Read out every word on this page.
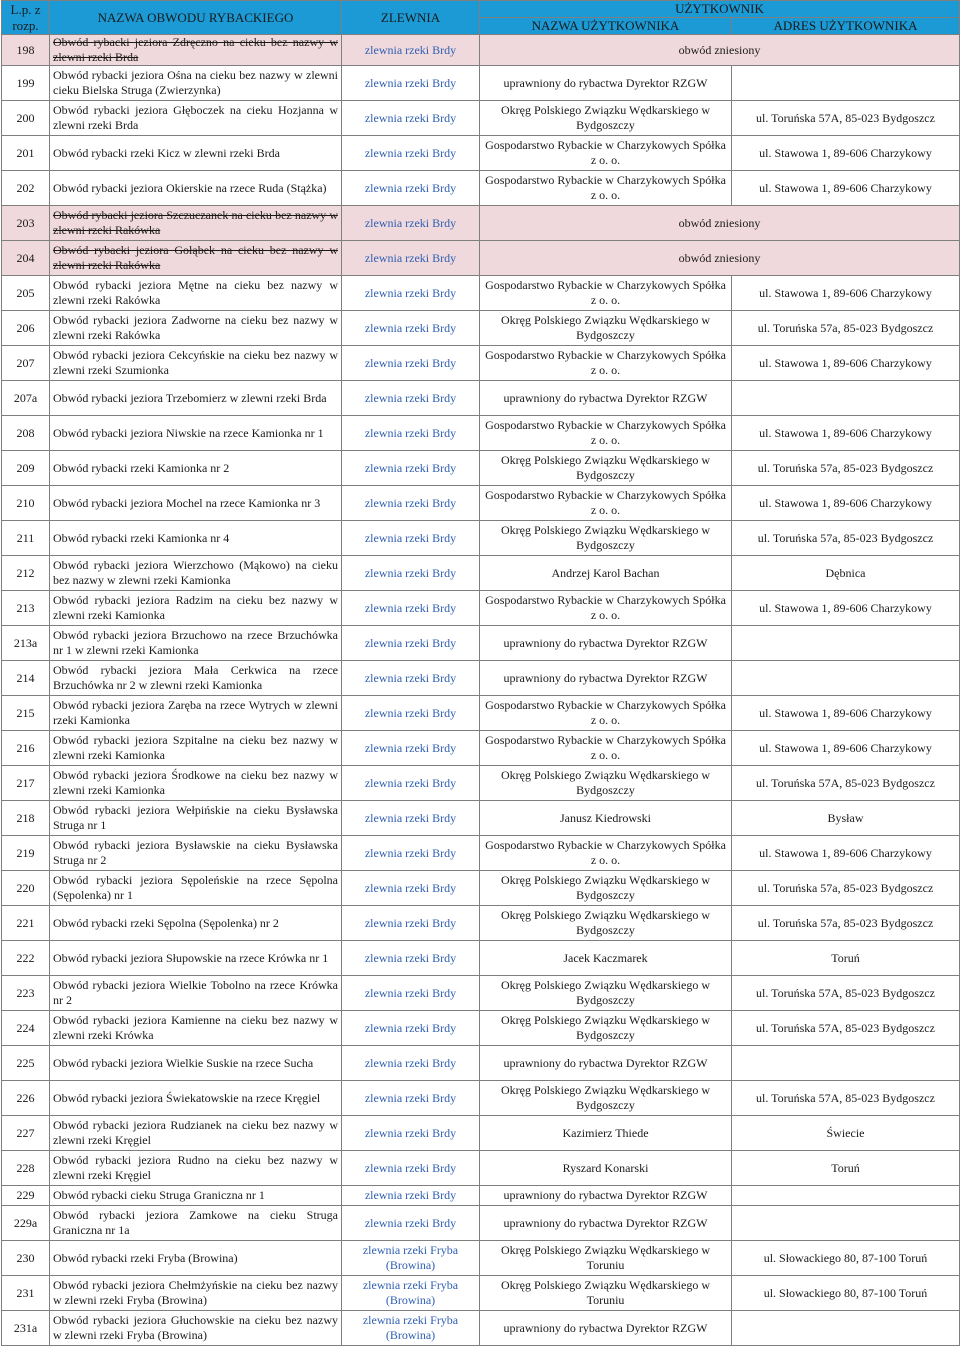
L.p. z rozp.	NAZWA OBWODU RYBACKIEGO	ZLEWNIA	UŻYTKOWNIK	
			NAZWA UŻYTKOWNIKA	ADRES UŻYTKOWNIKA
198	Obwód rybacki jeziora Zdręczno na cieku bez nazwy w zlewni rzeki Brda	zlewnia rzeki Brdy	obwód zniesiony	
199	Obwód rybacki jeziora Ośna na cieku bez nazwy w zlewni cieku Bielska Struga (Zwierzynka)	zlewnia rzeki Brdy	uprawniony do rybactwa Dyrektor RZGW	
200	Obwód rybacki jeziora Głęboczek na cieku Hozjanna w zlewni rzeki Brda	zlewnia rzeki Brdy	Okręg Polskiego Związku Wędkarskiego w Bydgoszczy	ul. Toruńska 57A, 85-023 Bydgoszcz
201	Obwód rybacki rzeki Kicz w zlewni rzeki Brda	zlewnia rzeki Brdy	Gospodarstwo Rybackie w Charzykowych Spółka z o. o.	ul. Stawowa 1, 89-606 Charzykowy
202	Obwód rybacki jeziora Okierskie na rzece Ruda (Stążka)	zlewnia rzeki Brdy	Gospodarstwo Rybackie w Charzykowych Spółka z o. o.	ul. Stawowa 1, 89-606 Charzykowy
203	Obwód rybacki jeziora Szczuczanek na cieku bez nazwy w zlewni rzeki Rakówka	zlewnia rzeki Brdy	obwód zniesiony	
204	Obwód rybacki jeziora Gołąbek na cieku bez nazwy w zlewni rzeki Rakówka	zlewnia rzeki Brdy	obwód zniesiony	
205	Obwód rybacki jeziora Mętne na cieku bez nazwy w zlewni rzeki Rakówka	zlewnia rzeki Brdy	Gospodarstwo Rybackie w Charzykowych Spółka z o. o.	ul. Stawowa 1, 89-606 Charzykowy
206	Obwód rybacki jeziora Zadworne na cieku bez nazwy w zlewni rzeki Rakówka	zlewnia rzeki Brdy	Okręg Polskiego Związku Wędkarskiego w Bydgoszczy	ul. Toruńska 57a, 85-023 Bydgoszcz
207	Obwód rybacki jeziora Cekcyńskie na cieku bez nazwy w zlewni rzeki Szumionka	zlewnia rzeki Brdy	Gospodarstwo Rybackie w Charzykowych Spółka z o. o.	ul. Stawowa 1, 89-606 Charzykowy
207a	Obwód rybacki jeziora Trzebomierz w zlewni rzeki Brda	zlewnia rzeki Brdy	uprawniony do rybactwa Dyrektor RZGW	
208	Obwód rybacki jeziora Niwskie na rzece Kamionka nr 1	zlewnia rzeki Brdy	Gospodarstwo Rybackie w Charzykowych Spółka z o. o.	ul. Stawowa 1, 89-606 Charzykowy
209	Obwód rybacki rzeki Kamionka nr 2	zlewnia rzeki Brdy	Okręg Polskiego Związku Wędkarskiego w Bydgoszczy	ul. Toruńska 57a, 85-023 Bydgoszcz
210	Obwód rybacki jeziora Mochel na rzece Kamionka nr 3	zlewnia rzeki Brdy	Gospodarstwo Rybackie w Charzykowych Spółka z o. o.	ul. Stawowa 1, 89-606 Charzykowy
211	Obwód rybacki rzeki Kamionka nr 4	zlewnia rzeki Brdy	Okręg Polskiego Związku Wędkarskiego w Bydgoszczy	ul. Toruńska 57a, 85-023 Bydgoszcz
212	Obwód rybacki jeziora Wierzchowo (Mąkowo) na cieku bez nazwy w zlewni rzeki Kamionka	zlewnia rzeki Brdy	Andrzej Karol Bachan	Dębnica
213	Obwód rybacki jeziora Radzim na cieku bez nazwy w zlewni rzeki Kamionka	zlewnia rzeki Brdy	Gospodarstwo Rybackie w Charzykowych Spółka z o. o.	ul. Stawowa 1, 89-606 Charzykowy
213a	Obwód rybacki jeziora Brzuchowo na rzece Brzuchówka nr 1 w zlewni rzeki Kamionka	zlewnia rzeki Brdy	uprawniony do rybactwa Dyrektor RZGW	
214	Obwód rybacki jeziora Mała Cerkwica na rzece Brzuchówka nr 2 w zlewni rzeki Kamionka	zlewnia rzeki Brdy	uprawniony do rybactwa Dyrektor RZGW	
215	Obwód rybacki jeziora Zaręba na rzece Wytrych w zlewni rzeki Kamionka	zlewnia rzeki Brdy	Gospodarstwo Rybackie w Charzykowych Spółka z o. o.	ul. Stawowa 1, 89-606 Charzykowy
216	Obwód rybacki jeziora Szpitalne na cieku bez nazwy w zlewni rzeki Kamionka	zlewnia rzeki Brdy	Gospodarstwo Rybackie w Charzykowych Spółka z o. o.	ul. Stawowa 1, 89-606 Charzykowy
217	Obwód rybacki jeziora Środkowe na cieku bez nazwy w zlewni rzeki Kamionka	zlewnia rzeki Brdy	Okręg Polskiego Związku Wędkarskiego w Bydgoszczy	ul. Toruńska 57A, 85-023 Bydgoszcz
218	Obwód rybacki jeziora Wełpińskie na cieku Bysławska Struga nr 1	zlewnia rzeki Brdy	Janusz Kiedrowski	Bysław
219	Obwód rybacki jeziora Bysławskie na cieku Bysławska Struga nr 2	zlewnia rzeki Brdy	Gospodarstwo Rybackie w Charzykowych Spółka z o. o.	ul. Stawowa 1, 89-606 Charzykowy
220	Obwód rybacki jeziora Sępoleńskie na rzece Sępolna (Sępolenka) nr 1	zlewnia rzeki Brdy	Okręg Polskiego Związku Wędkarskiego w Bydgoszczy	ul. Toruńska 57a, 85-023 Bydgoszcz
221	Obwód rybacki rzeki Sępolna (Sępolenka) nr 2	zlewnia rzeki Brdy	Okręg Polskiego Związku Wędkarskiego w Bydgoszczy	ul. Toruńska 57a, 85-023 Bydgoszcz
222	Obwód rybacki jeziora Słupowskie na rzece Krówka nr 1	zlewnia rzeki Brdy	Jacek Kaczmarek	Toruń
223	Obwód rybacki jeziora Wielkie Tobolno na rzece Krówka nr 2	zlewnia rzeki Brdy	Okręg Polskiego Związku Wędkarskiego w Bydgoszczy	ul. Toruńska 57A, 85-023 Bydgoszcz
224	Obwód rybacki jeziora Kamienne na cieku bez nazwy w zlewni rzeki Krówka	zlewnia rzeki Brdy	Okręg Polskiego Związku Wędkarskiego w Bydgoszczy	ul. Toruńska 57A, 85-023 Bydgoszcz
225	Obwód rybacki jeziora Wielkie Suskie na rzece Sucha	zlewnia rzeki Brdy	uprawniony do rybactwa Dyrektor RZGW	
226	Obwód rybacki jeziora Świekatowskie na rzece Kręgiel	zlewnia rzeki Brdy	Okręg Polskiego Związku Wędkarskiego w Bydgoszczy	ul. Toruńska 57A, 85-023 Bydgoszcz
227	Obwód rybacki jeziora Rudzianek na cieku bez nazwy w zlewni rzeki Kręgiel	zlewnia rzeki Brdy	Kazimierz Thiede	Świecie
228	Obwód rybacki jeziora Rudno na cieku bez nazwy w zlewni rzeki Kręgiel	zlewnia rzeki Brdy	Ryszard Konarski	Toruń
229	Obwód rybacki cieku Struga Graniczna nr 1	zlewnia rzeki Brdy	uprawniony do rybactwa Dyrektor RZGW	
229a	Obwód rybacki jeziora Zamkowe na cieku Struga Graniczna nr 1a	zlewnia rzeki Brdy	uprawniony do rybactwa Dyrektor RZGW	
230	Obwód rybacki rzeki Fryba (Browina)	zlewnia rzeki Fryba (Browina)	Okręg Polskiego Związku Wędkarskiego w Toruniu	ul. Słowackiego 80, 87-100 Toruń
231	Obwód rybacki jeziora Chełmżyńskie na cieku bez nazwy w zlewni rzeki Fryba (Browina)	zlewnia rzeki Fryba (Browina)	Okręg Polskiego Związku Wędkarskiego w Toruniu	ul. Słowackiego 80, 87-100 Toruń
231a	Obwód rybacki jeziora Głuchowskie na cieku bez nazwy w zlewni rzeki Fryba (Browina)	zlewnia rzeki Fryba (Browina)	uprawniony do rybactwa Dyrektor RZGW	
